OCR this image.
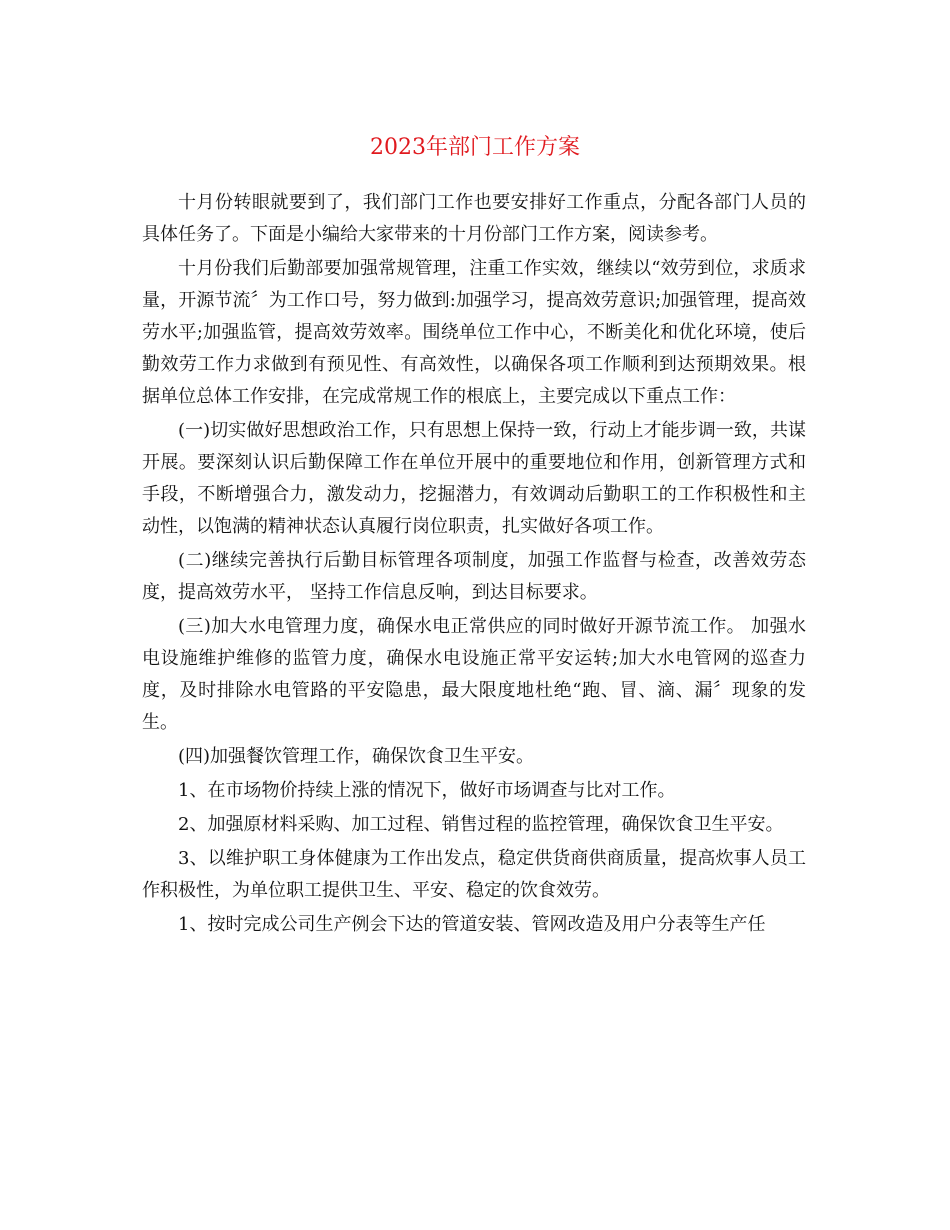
2023年部门工作方案

十月份转眼就要到了，我们部门工作也要安排好工作重点，分配各部门人员的具体任务了。下面是小编给大家带来的十月份部门工作方案，阅读参考。

十月份我们后勤部要加强常规管理，注重工作实效，继续以“效劳到位，求质求量，开源节流〞为工作口号，努力做到:加强学习，提高效劳意识;加强管理，提高效劳水平;加强监管，提高效劳效率。围绕单位工作中心，不断美化和优化环境，使后勤效劳工作力求做到有预见性、有高效性，以确保各项工作顺利到达预期效果。根据单位总体工作安排，在完成常规工作的根底上，主要完成以下重点工作：

(一)切实做好思想政治工作，只有思想上保持一致，行动上才能步调一致，共谋开展。要深刻认识后勤保障工作在单位开展中的重要地位和作用，创新管理方式和手段，不断增强合力，激发动力，挖掘潜力，有效调动后勤职工的工作积极性和主动性，以饱满的精神状态认真履行岗位职责，扎实做好各项工作。

(二)继续完善执行后勤目标管理各项制度，加强工作监督与检查，改善效劳态度，提高效劳水平， 坚持工作信息反响，到达目标要求。

(三)加大水电管理力度，确保水电正常供应的同时做好开源节流工作。 加强水电设施维护维修的监管力度，确保水电设施正常平安运转;加大水电管网的巡查力度，及时排除水电管路的平安隐患，最大限度地杜绝“跑、冒、滴、漏〞现象的发生。

(四)加强餐饮管理工作，确保饮食卫生平安。

1、在市场物价持续上涨的情况下，做好市场调查与比对工作。

2、加强原材料采购、加工过程、销售过程的监控管理，确保饮食卫生平安。

3、以维护职工身体健康为工作出发点，稳定供货商供商质量，提高炊事人员工作积极性，为单位职工提供卫生、平安、稳定的饮食效劳。

1、按时完成公司生产例会下达的管道安装、管网改造及用户分表等生产任
